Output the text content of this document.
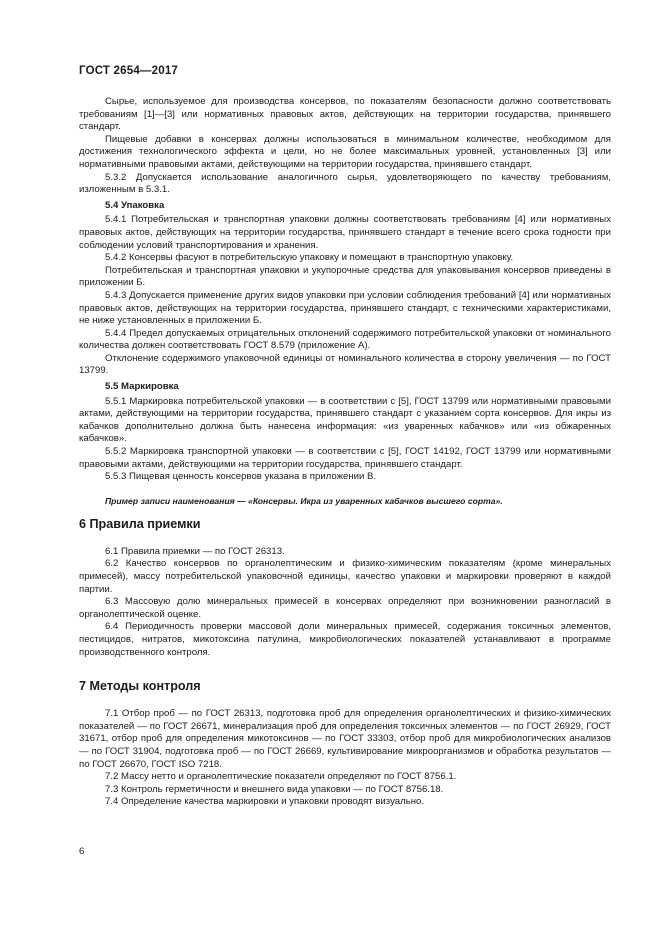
ГОСТ 2654—2017

Сырье, используемое для производства консервов, по показателям безопасности должно соответствовать требованиям [1]—[3] или нормативных правовых актов, действующих на территории государства, принявшего стандарт.

Пищевые добавки в консервах должны использоваться в минимальном количестве, необходимом для достижения технологического эффекта и цели, но не более максимальных уровней, установленных [3] или нормативными правовыми актами, действующими на территории государства, принявшего стандарт.

5.3.2 Допускается использование аналогичного сырья, удовлетворяющего по качеству требованиям, изложенным в 5.3.1.

5.4 Упаковка

5.4.1 Потребительская и транспортная упаковки должны соответствовать требованиям [4] или нормативных правовых актов, действующих на территории государства, принявшего стандарт в течение всего срока годности при соблюдении условий транспортирования и хранения.

5.4.2 Консервы фасуют в потребительскую упаковку и помещают в транспортную упаковку.

Потребительская и транспортная упаковки и укупорочные средства для упаковывания консервов приведены в приложении Б.

5.4.3 Допускается применение других видов упаковки при условии соблюдения требований [4] или нормативных правовых актов, действующих на территории государства, принявшего стандарт, с техническими характеристиками, не ниже установленных в приложении Б.

5.4.4 Предел допускаемых отрицательных отклонений содержимого потребительской упаковки от номинального количества должен соответствовать ГОСТ 8.579 (приложение А).

Отклонение содержимого упаковочной единицы от номинального количества в сторону увеличения — по ГОСТ 13799.

5.5 Маркировка

5.5.1 Маркировка потребительской упаковки — в соответствии с [5], ГОСТ 13799 или нормативными правовыми актами, действующими на территории государства, принявшего стандарт с указанием сорта консервов. Для икры из кабачков дополнительно должна быть нанесена информация: «из уваренных кабачков» или «из обжаренных кабачков».

5.5.2 Маркировка транспортной упаковки — в соответствии с [5], ГОСТ 14192, ГОСТ 13799 или нормативными правовыми актами, действующими на территории государства, принявшего стандарт.

5.5.3 Пищевая ценность консервов указана в приложении В.

Пример записи наименования — «Консервы. Икра из уваренных кабачков высшего сорта».
6 Правила приемки

6.1 Правила приемки — по ГОСТ 26313.

6.2 Качество консервов по органолептическим и физико-химическим показателям (кроме минеральных примесей), массу потребительской упаковочной единицы, качество упаковки и маркировки проверяют в каждой партии.

6.3 Массовую долю минеральных примесей в консервах определяют при возникновении разногласий в органолептической оценке.

6.4 Периодичность проверки массовой доли минеральных примесей, содержания токсичных элементов, пестицидов, нитратов, микотоксина патулина, микробиологических показателей устанавливают в программе производственного контроля.

7 Методы контроля

7.1 Отбор проб — по ГОСТ 26313, подготовка проб для определения органолептических и физико-химических показателей — по ГОСТ 26671, минерализация проб для определения токсичных элементов — по ГОСТ 26929, ГОСТ 31671, отбор проб для определения микотоксинов — по ГОСТ 33303, отбор проб для микробиологических анализов — по ГОСТ 31904, подготовка проб — по ГОСТ 26669, культивирование микроорганизмов и обработка результатов — по ГОСТ 26670, ГОСТ ISO 7218.

7.2 Массу нетто и органолептические показатели определяют по ГОСТ 8756.1.

7.3 Контроль герметичности и внешнего вида упаковки — по ГОСТ 8756.18.

7.4 Определение качества маркировки и упаковки проводят визуально.

6
